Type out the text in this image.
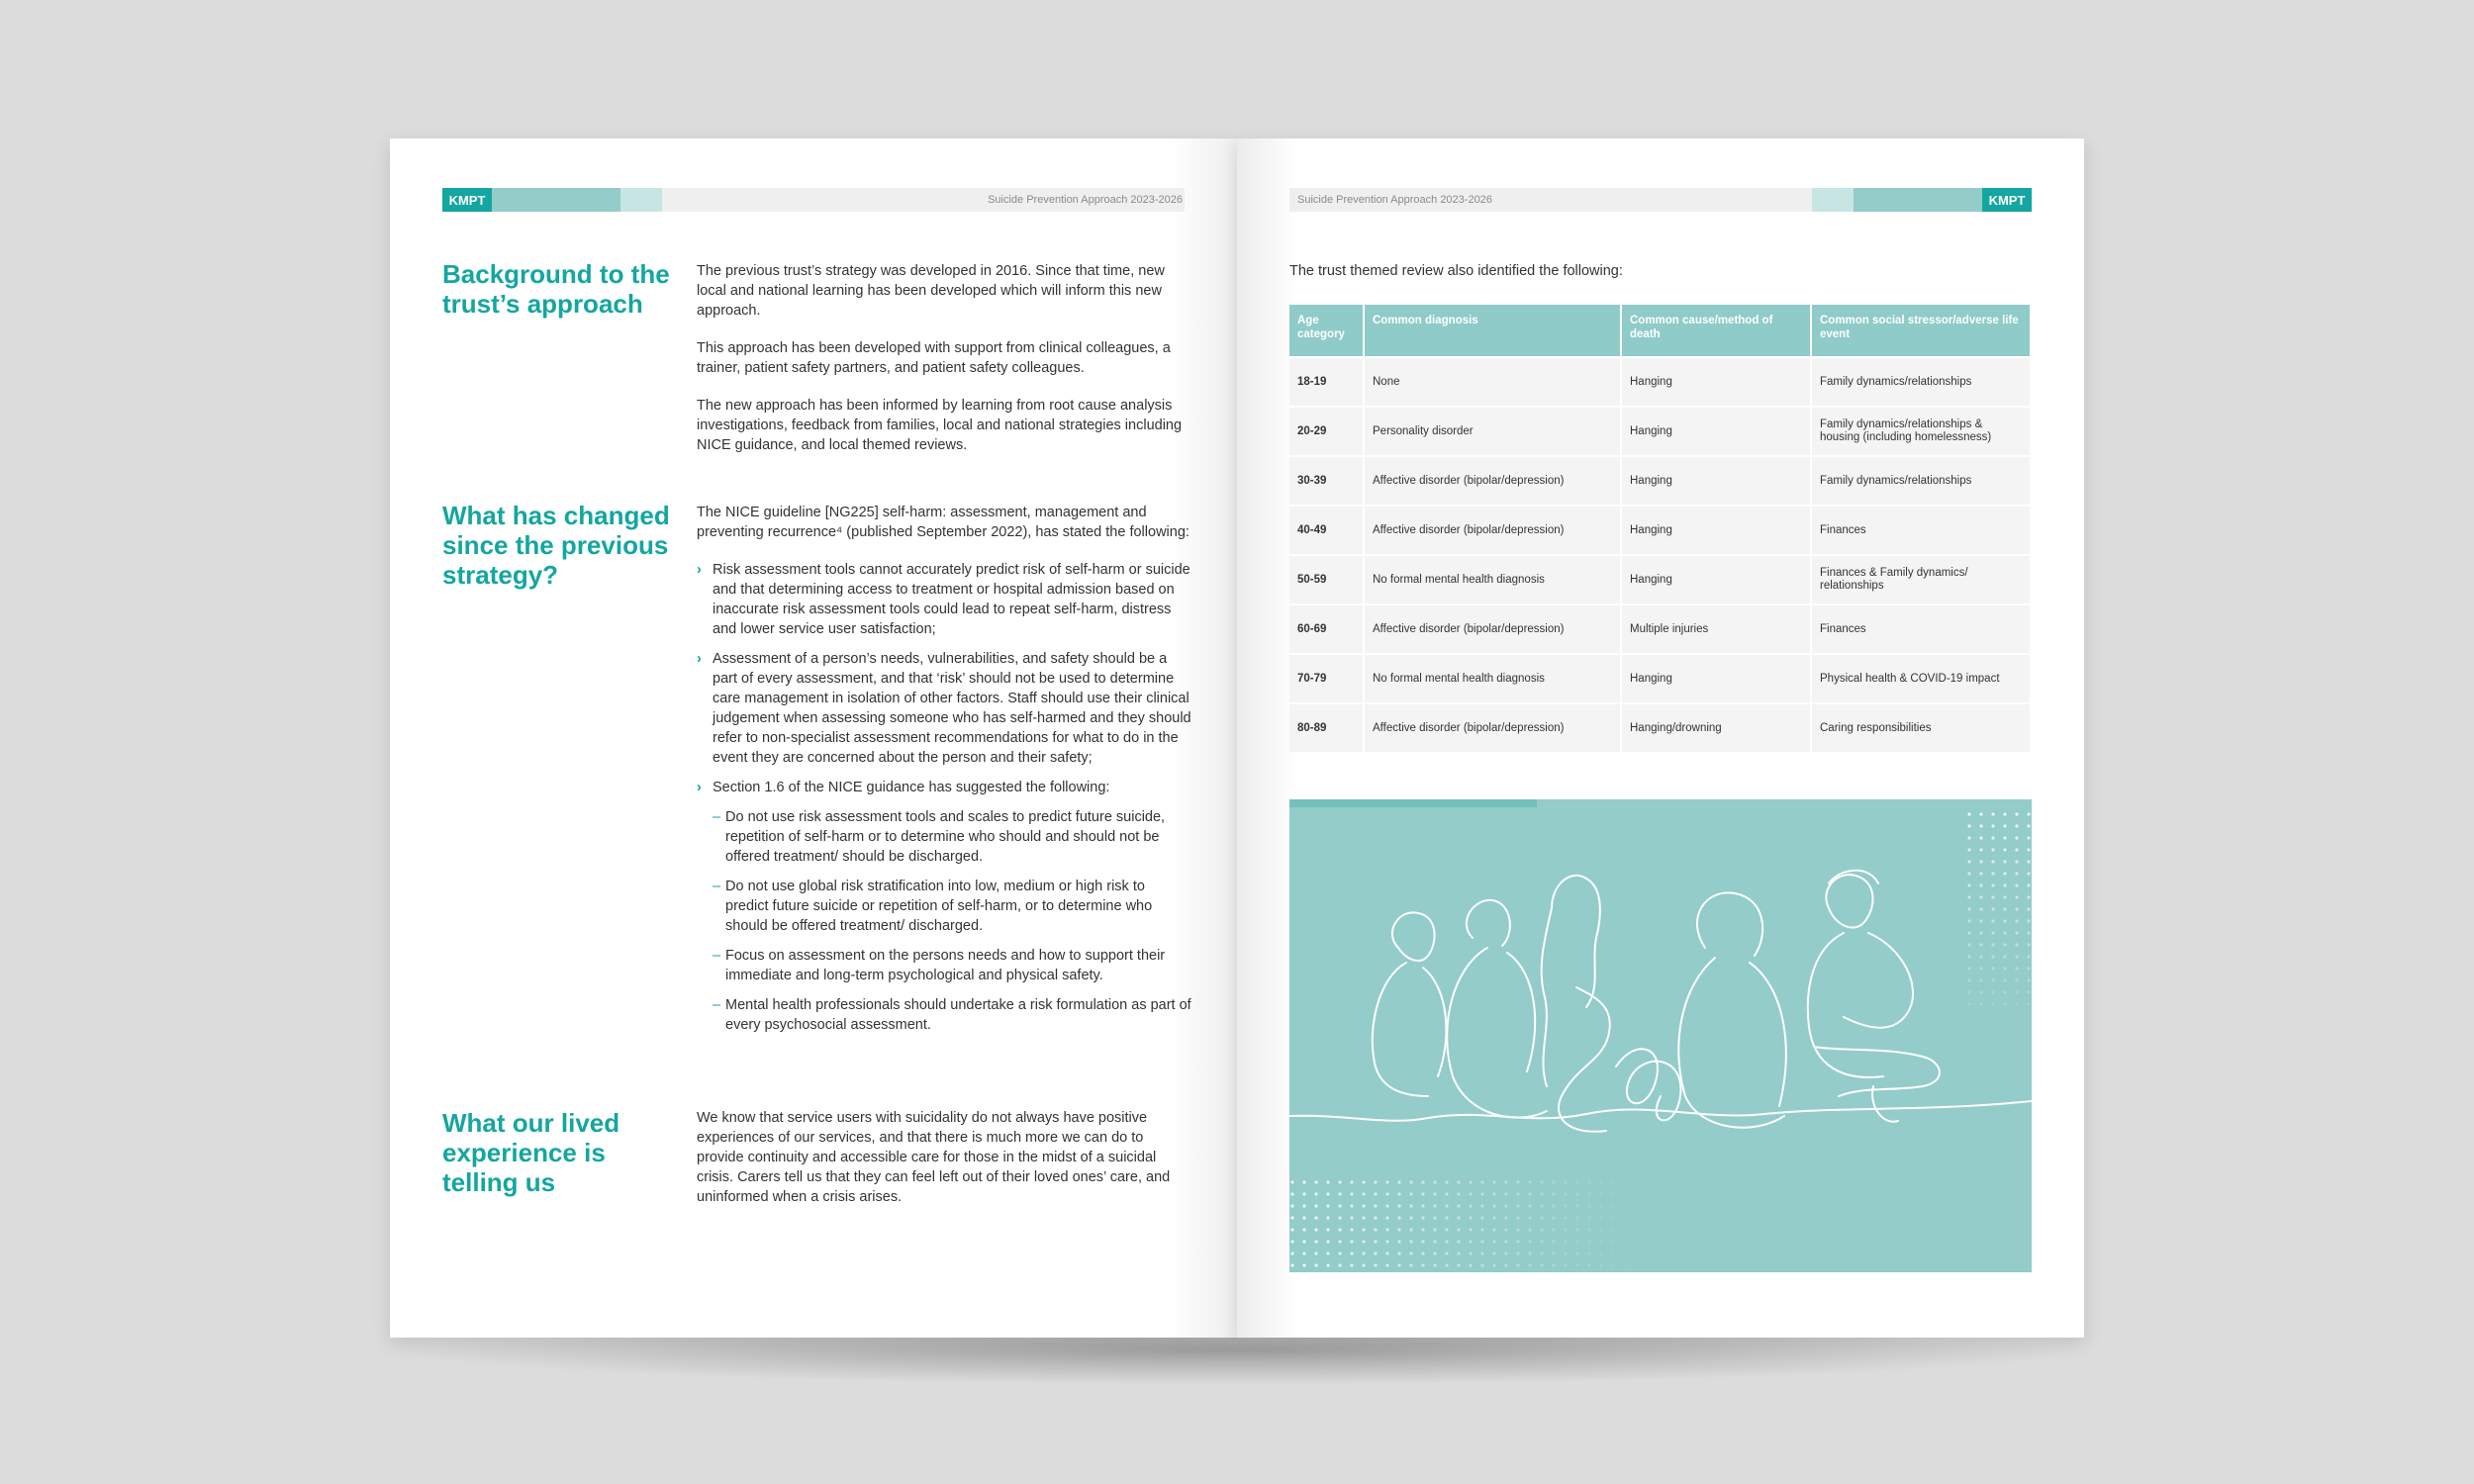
KMPT	Suicide Prevention Approach 2023-2026
Background to the trust’s approach

The previous trust’s strategy was developed in 2016. Since that time, new local and national learning has been developed which will inform this new approach.

This approach has been developed with support from clinical colleagues, a trainer, patient safety partners, and patient safety colleagues.

The new approach has been informed by learning from root cause analysis investigations, feedback from families, local and national strategies including NICE guidance, and local themed reviews.

What has changed since the previous strategy?

The NICE guideline [NG225] self-harm: assessment, management and preventing recurrence⁴ (published September 2022), has stated the following:

› Risk assessment tools cannot accurately predict risk of self-harm or suicide and that determining access to treatment or hospital admission based on inaccurate risk assessment tools could lead to repeat self-harm, distress and lower service user satisfaction;
› Assessment of a person’s needs, vulnerabilities, and safety should be a part of every assessment, and that ‘risk’ should not be used to determine care management in isolation of other factors. Staff should use their clinical judgement when assessing someone who has self-harmed and they should refer to non-specialist assessment recommendations for what to do in the event they are concerned about the person and their safety;
› Section 1.6 of the NICE guidance has suggested the following:
– Do not use risk assessment tools and scales to predict future suicide, repetition of self-harm or to determine who should and should not be offered treatment/ should be discharged.
– Do not use global risk stratification into low, medium or high risk to predict future suicide or repetition of self-harm, or to determine who should be offered treatment/ discharged.
– Focus on assessment on the persons needs and how to support their immediate and long-term psychological and physical safety.
– Mental health professionals should undertake a risk formulation as part of every psychosocial assessment.
What our lived experience is telling us

We know that service users with suicidality do not always have positive experiences of our services, and that there is much more we can do to provide continuity and accessible care for those in the midst of a suicidal crisis. Carers tell us that they can feel left out of their loved ones’ care, and uninformed when a crisis arises.

Suicide Prevention Approach 2023-2026	KMPT
The trust themed review also identified the following:
Age category	Common diagnosis	Common cause/method of death	Common social stressor/adverse life event
18-19	None	Hanging	Family dynamics/relationships
20-29	Personality disorder	Hanging	Family dynamics/relationships & housing (including homelessness)
30-39	Affective disorder (bipolar/depression)	Hanging	Family dynamics/relationships
40-49	Affective disorder (bipolar/depression)	Hanging	Finances
50-59	No formal mental health diagnosis	Hanging	Finances & Family dynamics/ relationships
60-69	Affective disorder (bipolar/depression)	Multiple injuries	Finances
70-79	No formal mental health diagnosis	Hanging	Physical health & COVID-19 impact
80-89	Affective disorder (bipolar/depression)	Hanging/drowning	Caring responsibilities
